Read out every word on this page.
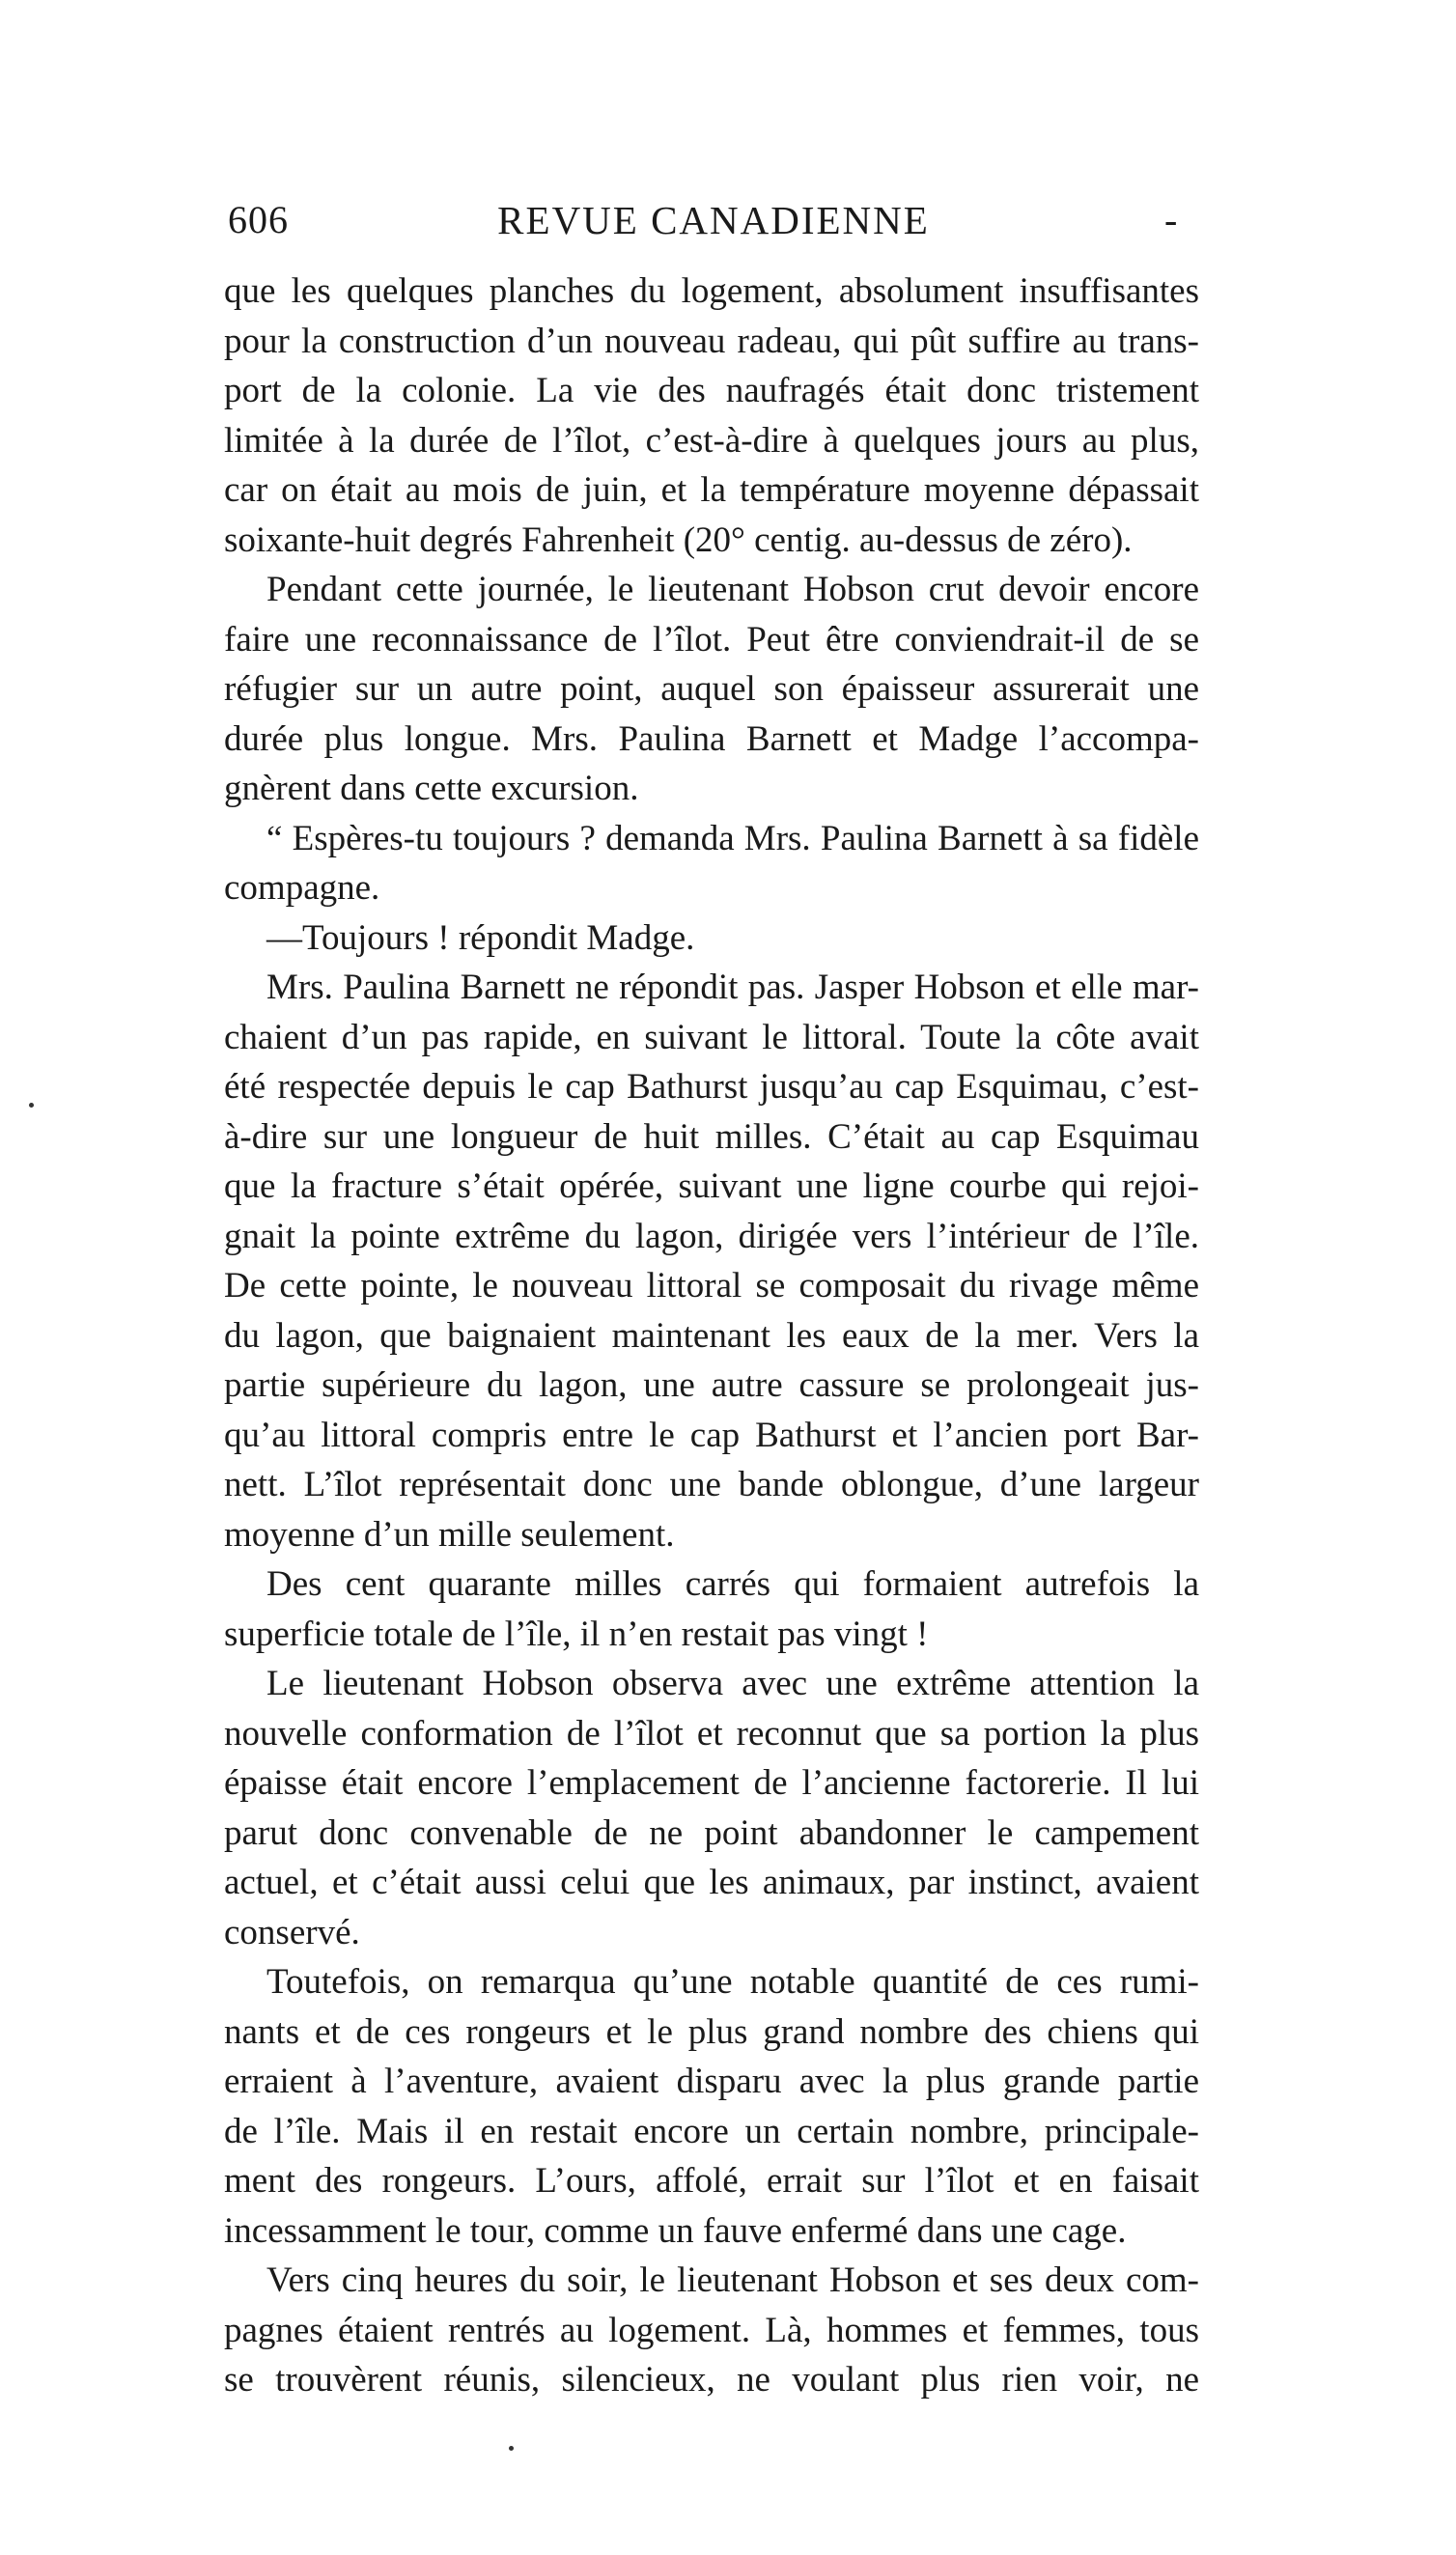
606	REVUE CANADIENNE	-
que les quelques planches du logement, absolument insuffisantes
pour la construction d’un nouveau radeau, qui pût suffire au trans-
port de la colonie. La vie des naufragés était donc tristement
limitée à la durée de l’îlot, c’est-à-dire à quelques jours au plus,
car on était au mois de juin, et la température moyenne dépassait
soixante-huit degrés Fahrenheit (20° centig. au-dessus de zéro).
Pendant cette journée, le lieutenant Hobson crut devoir encore
faire une reconnaissance de l’îlot. Peut être conviendrait-il de se
réfugier sur un autre point, auquel son épaisseur assurerait une
durée plus longue. Mrs. Paulina Barnett et Madge l’accompa-
gnèrent dans cette excursion.
“ Espères-tu toujours ? demanda Mrs. Paulina Barnett à sa fidèle
compagne.
—Toujours ! répondit Madge.
Mrs. Paulina Barnett ne répondit pas. Jasper Hobson et elle mar-
chaient d’un pas rapide, en suivant le littoral. Toute la côte avait
été respectée depuis le cap Bathurst jusqu’au cap Esquimau, c’est-
à-dire sur une longueur de huit milles. C’était au cap Esquimau
que la fracture s’était opérée, suivant une ligne courbe qui rejoi-
gnait la pointe extrême du lagon, dirigée vers l’intérieur de l’île.
De cette pointe, le nouveau littoral se composait du rivage même
du lagon, que baignaient maintenant les eaux de la mer. Vers la
partie supérieure du lagon, une autre cassure se prolongeait jus-
qu’au littoral compris entre le cap Bathurst et l’ancien port Bar-
nett. L’îlot représentait donc une bande oblongue, d’une largeur
moyenne d’un mille seulement.
Des cent quarante milles carrés qui formaient autrefois la
superficie totale de l’île, il n’en restait pas vingt !
Le lieutenant Hobson observa avec une extrême attention la
nouvelle conformation de l’îlot et reconnut que sa portion la plus
épaisse était encore l’emplacement de l’ancienne factorerie. Il lui
parut donc convenable de ne point abandonner le campement
actuel, et c’était aussi celui que les animaux, par instinct, avaient
conservé.
Toutefois, on remarqua qu’une notable quantité de ces rumi-
nants et de ces rongeurs et le plus grand nombre des chiens qui
erraient à l’aventure, avaient disparu avec la plus grande partie
de l’île. Mais il en restait encore un certain nombre, principale-
ment des rongeurs. L’ours, affolé, errait sur l’îlot et en faisait
incessamment le tour, comme un fauve enfermé dans une cage.
Vers cinq heures du soir, le lieutenant Hobson et ses deux com-
pagnes étaient rentrés au logement. Là, hommes et femmes, tous
se trouvèrent réunis, silencieux, ne voulant plus rien voir, ne
